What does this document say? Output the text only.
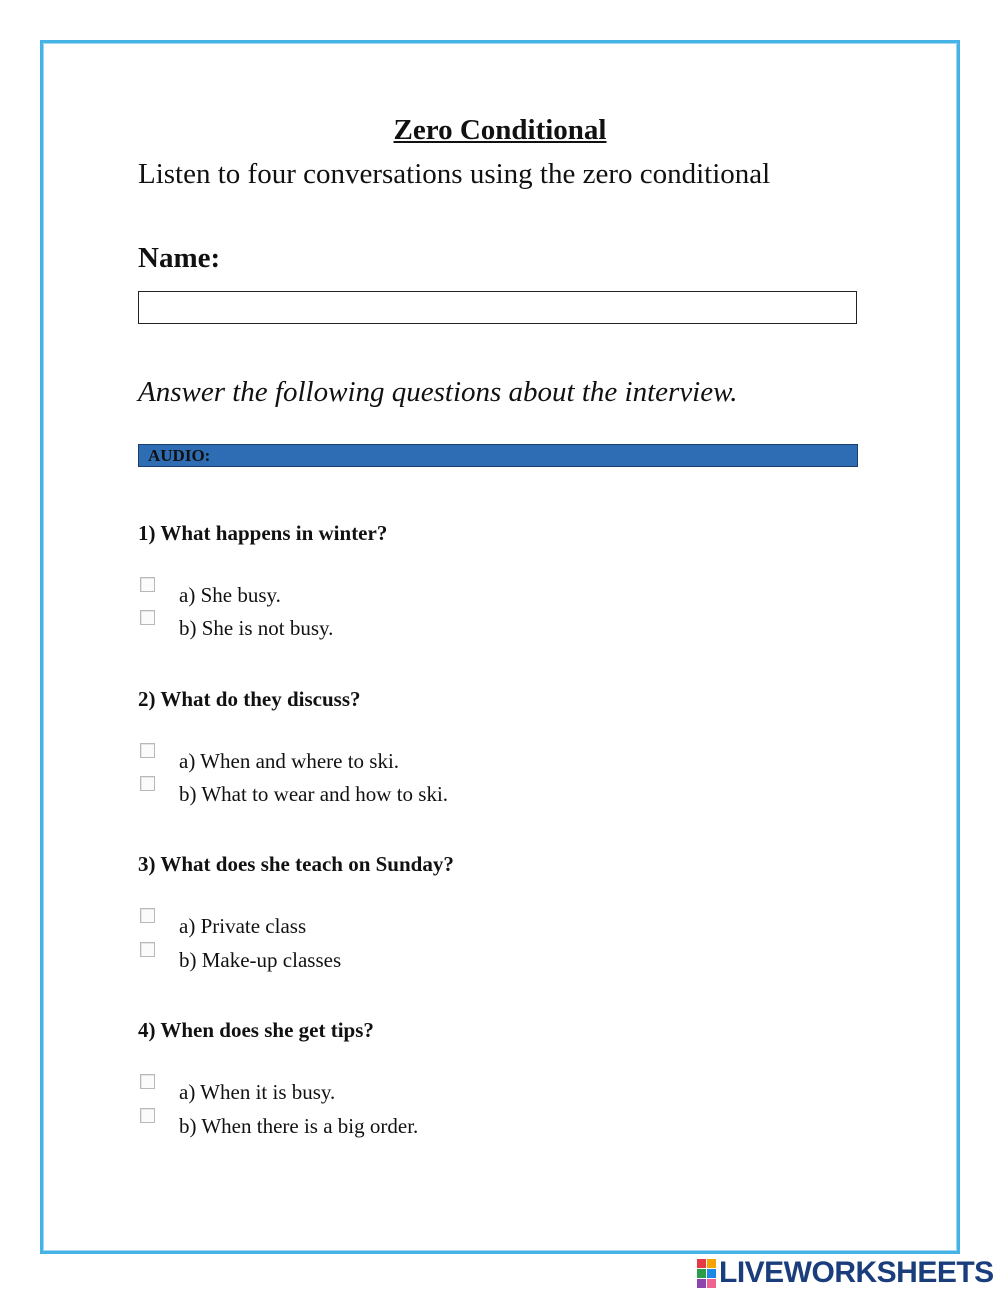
Zero Conditional
Listen to four conversations using the zero conditional
Name:
Answer the following questions about the interview.
AUDIO:
1) What happens in winter?
a) She busy.
b) She is not busy.
2) What do they discuss?
a) When and where to ski.
b) What to wear and how to ski.
3) What does she teach on Sunday?
a) Private class
b) Make-up classes
4) When does she get tips?
a) When it is busy.
b) When there is a big order.
LIVEWORKSHEETS
